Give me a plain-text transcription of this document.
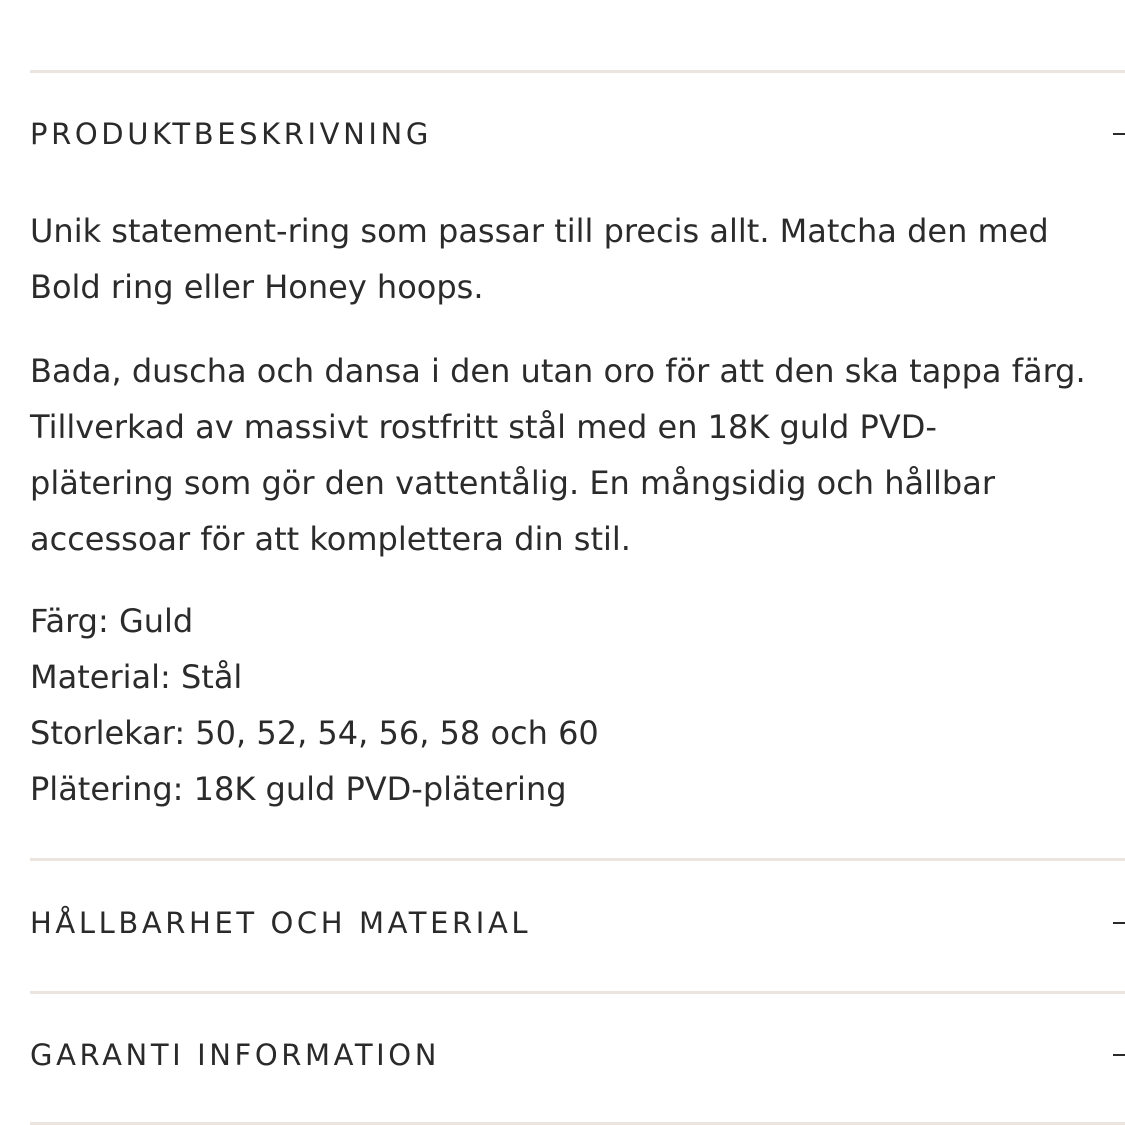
PRODUKTBESKRIVNING

Unik statement-ring som passar till precis allt. Matcha den med
Bold ring eller Honey hoops.

Bada, duscha och dansa i den utan oro för att den ska tappa färg.
Tillverkad av massivt rostfritt stål med en 18K guld PVD-
plätering som gör den vattentålig. En mångsidig och hållbar
accessoar för att komplettera din stil.

Färg: Guld
Material: Stål
Storlekar: 50, 52, 54, 56, 58 och 60
Plätering: 18K guld PVD-plätering
HÅLLBARHET OCH MATERIAL
GARANTI INFORMATION
